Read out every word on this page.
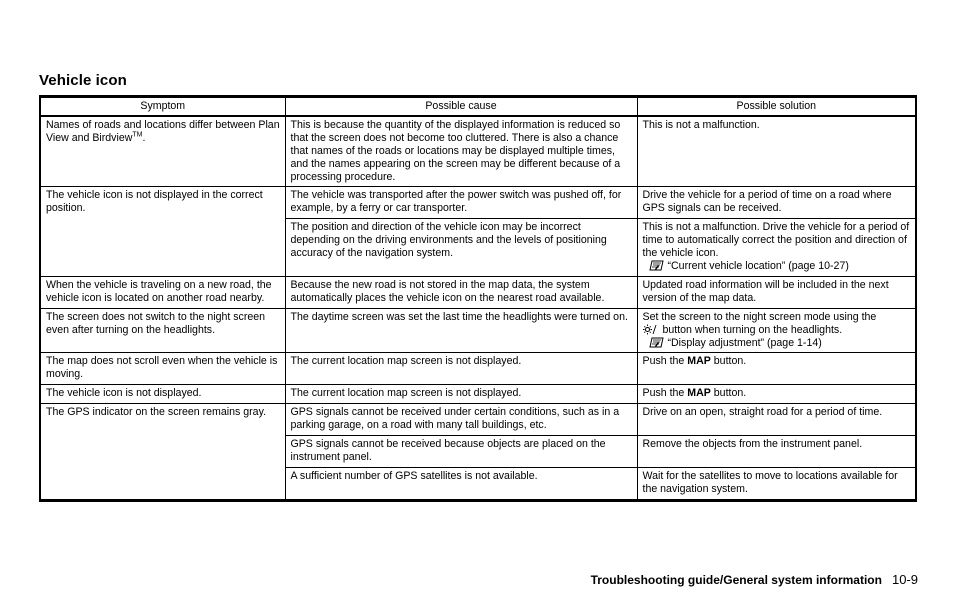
Vehicle icon
Symptom	Possible cause	Possible solution
Names of roads and locations differ between Plan View and Birdview™.	This is because the quantity of the displayed information is reduced so that the screen does not become too cluttered. There is also a chance that names of the roads or locations may be displayed multiple times, and the names appearing on the screen may be different because of a processing procedure.	This is not a malfunction.
The vehicle icon is not displayed in the correct position.	The vehicle was transported after the power switch was pushed off, for example, by a ferry or car transporter.	Drive the vehicle for a period of time on a road where GPS signals can be received.
	The position and direction of the vehicle icon may be incorrect depending on the driving environments and the levels of positioning accuracy of the navigation system.	This is not a malfunction. Drive the vehicle for a period of time to automatically correct the position and direction of the vehicle icon.
“Current vehicle location” (page 10-27)

When the vehicle is traveling on a new road, the vehicle icon is located on another road nearby.	Because the new road is not stored in the map data, the system automatically places the vehicle icon on the nearest road available.	Updated road information will be included in the next version of the map data.
The screen does not switch to the night screen even after turning on the headlights.	The daytime screen was set the last time the headlights were turned on.	Set the screen to the night screen mode using the
button when turning on the headlights.
“Display adjustment” (page 1-14)

The map does not scroll even when the vehicle is moving.	The current location map screen is not displayed.	Push the MAP button.
The vehicle icon is not displayed.	The current location map screen is not displayed.	Push the MAP button.
The GPS indicator on the screen remains gray.	GPS signals cannot be received under certain conditions, such as in a parking garage, on a road with many tall buildings, etc.	Drive on an open, straight road for a period of time.
	GPS signals cannot be received because objects are placed on the instrument panel.	Remove the objects from the instrument panel.
	A sufficient number of GPS satellites is not available.	Wait for the satellites to move to locations available for the navigation system.
Troubleshooting guide/General system information 10-9
